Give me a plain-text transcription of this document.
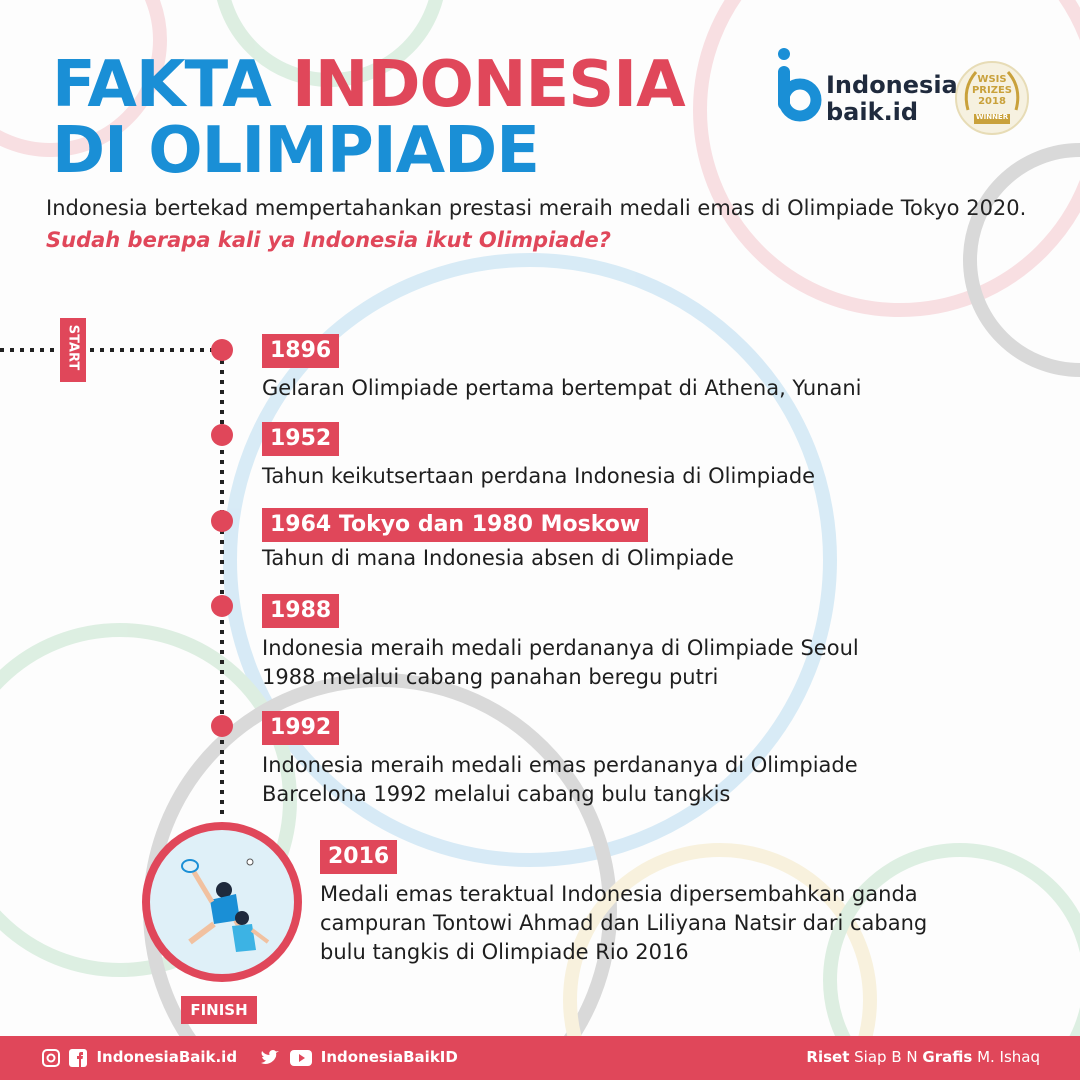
FAKTA INDONESIA
DI OLIMPIADE
Indonesia
baik.id
WSIS
PRIZES
2018
WINNER
Indonesia bertekad mempertahankan prestasi meraih medali emas di Olimpiade Tokyo 2020.
Sudah berapa kali ya Indonesia ikut Olimpiade?
START	1896
Gelaran Olimpiade pertama bertempat di Athena, Yunani
1952
Tahun keikutsertaan perdana Indonesia di Olimpiade
1964 Tokyo dan 1980 Moskow
Tahun di mana Indonesia absen di Olimpiade
1988
Indonesia meraih medali perdananya di Olimpiade Seoul
1988 melalui cabang panahan beregu putri
1992
Indonesia meraih medali emas perdananya di Olimpiade
Barcelona 1992 melalui cabang bulu tangkis
2016
Medali emas teraktual Indonesia dipersembahkan ganda
campuran Tontowi Ahmad dan Liliyana Natsir dari cabang
bulu tangkis di Olimpiade Rio 2016
FINISH
IndonesiaBaik.id	IndonesiaBaikID	Riset Siap B N Grafis M. Ishaq
